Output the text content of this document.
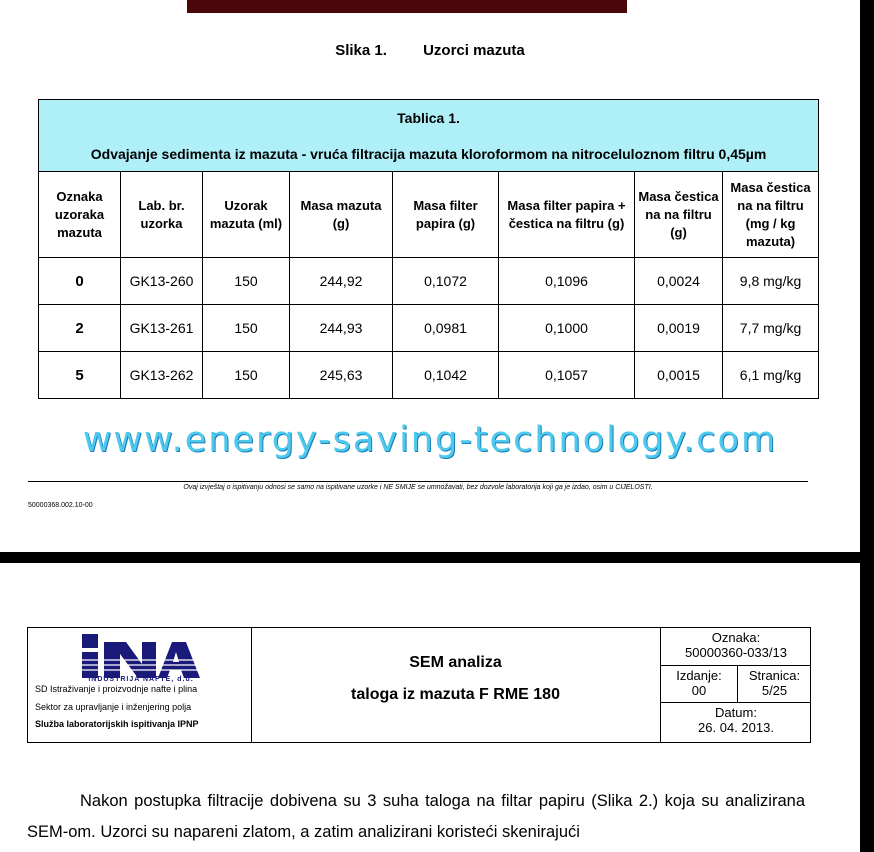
Slika 1. Uzorci mazuta
Tablica 1.
Odvajanje sedimenta iz mazuta - vruća filtracija mazuta kloroformom na nitroceluloznom filtru 0,45µm							
Oznaka uzoraka mazuta	Lab. br. uzorka	Uzorak mazuta (ml)	Masa mazuta (g)	Masa filter papira (g)	Masa filter papira + čestica na filtru (g)	Masa čestica na na filtru (g)	Masa čestica na na filtru (mg / kg mazuta)
0	GK13-260	150	244,92	0,1072	0,1096	0,0024	9,8 mg/kg
2	GK13-261	150	244,93	0,0981	0,1000	0,0019	7,7 mg/kg
5	GK13-262	150	245,63	0,1042	0,1057	0,0015	6,1 mg/kg
www.energy-saving-technology.com
Ovaj izvještaj o ispitivanju odnosi se samo na ispitivane uzorke i NE SMIJE se umnožavati, bez dozvole laboratorija koji ga je izdao, osim u CIJELOSTI.
50000368.002.10-00
INDUSTRIJA NAFTE, d.d.
SD Istraživanje i proizvodnje nafte i plina
Sektor za upravljanje i inženjering polja
Služba laboratorijskih ispitivanja IPNP
SEM analiza
taloga iz mazuta F RME 180
Oznaka:
50000360-033/13
Izdanje:
00
Stranica:
5/25
Datum:
26. 04. 2013.
Nakon postupka filtracije dobivena su 3 suha taloga na filtar papiru (Slika 2.) koja su analizirana SEM-om. Uzorci su napareni zlatom, a zatim analizirani koristeći skenirajući
